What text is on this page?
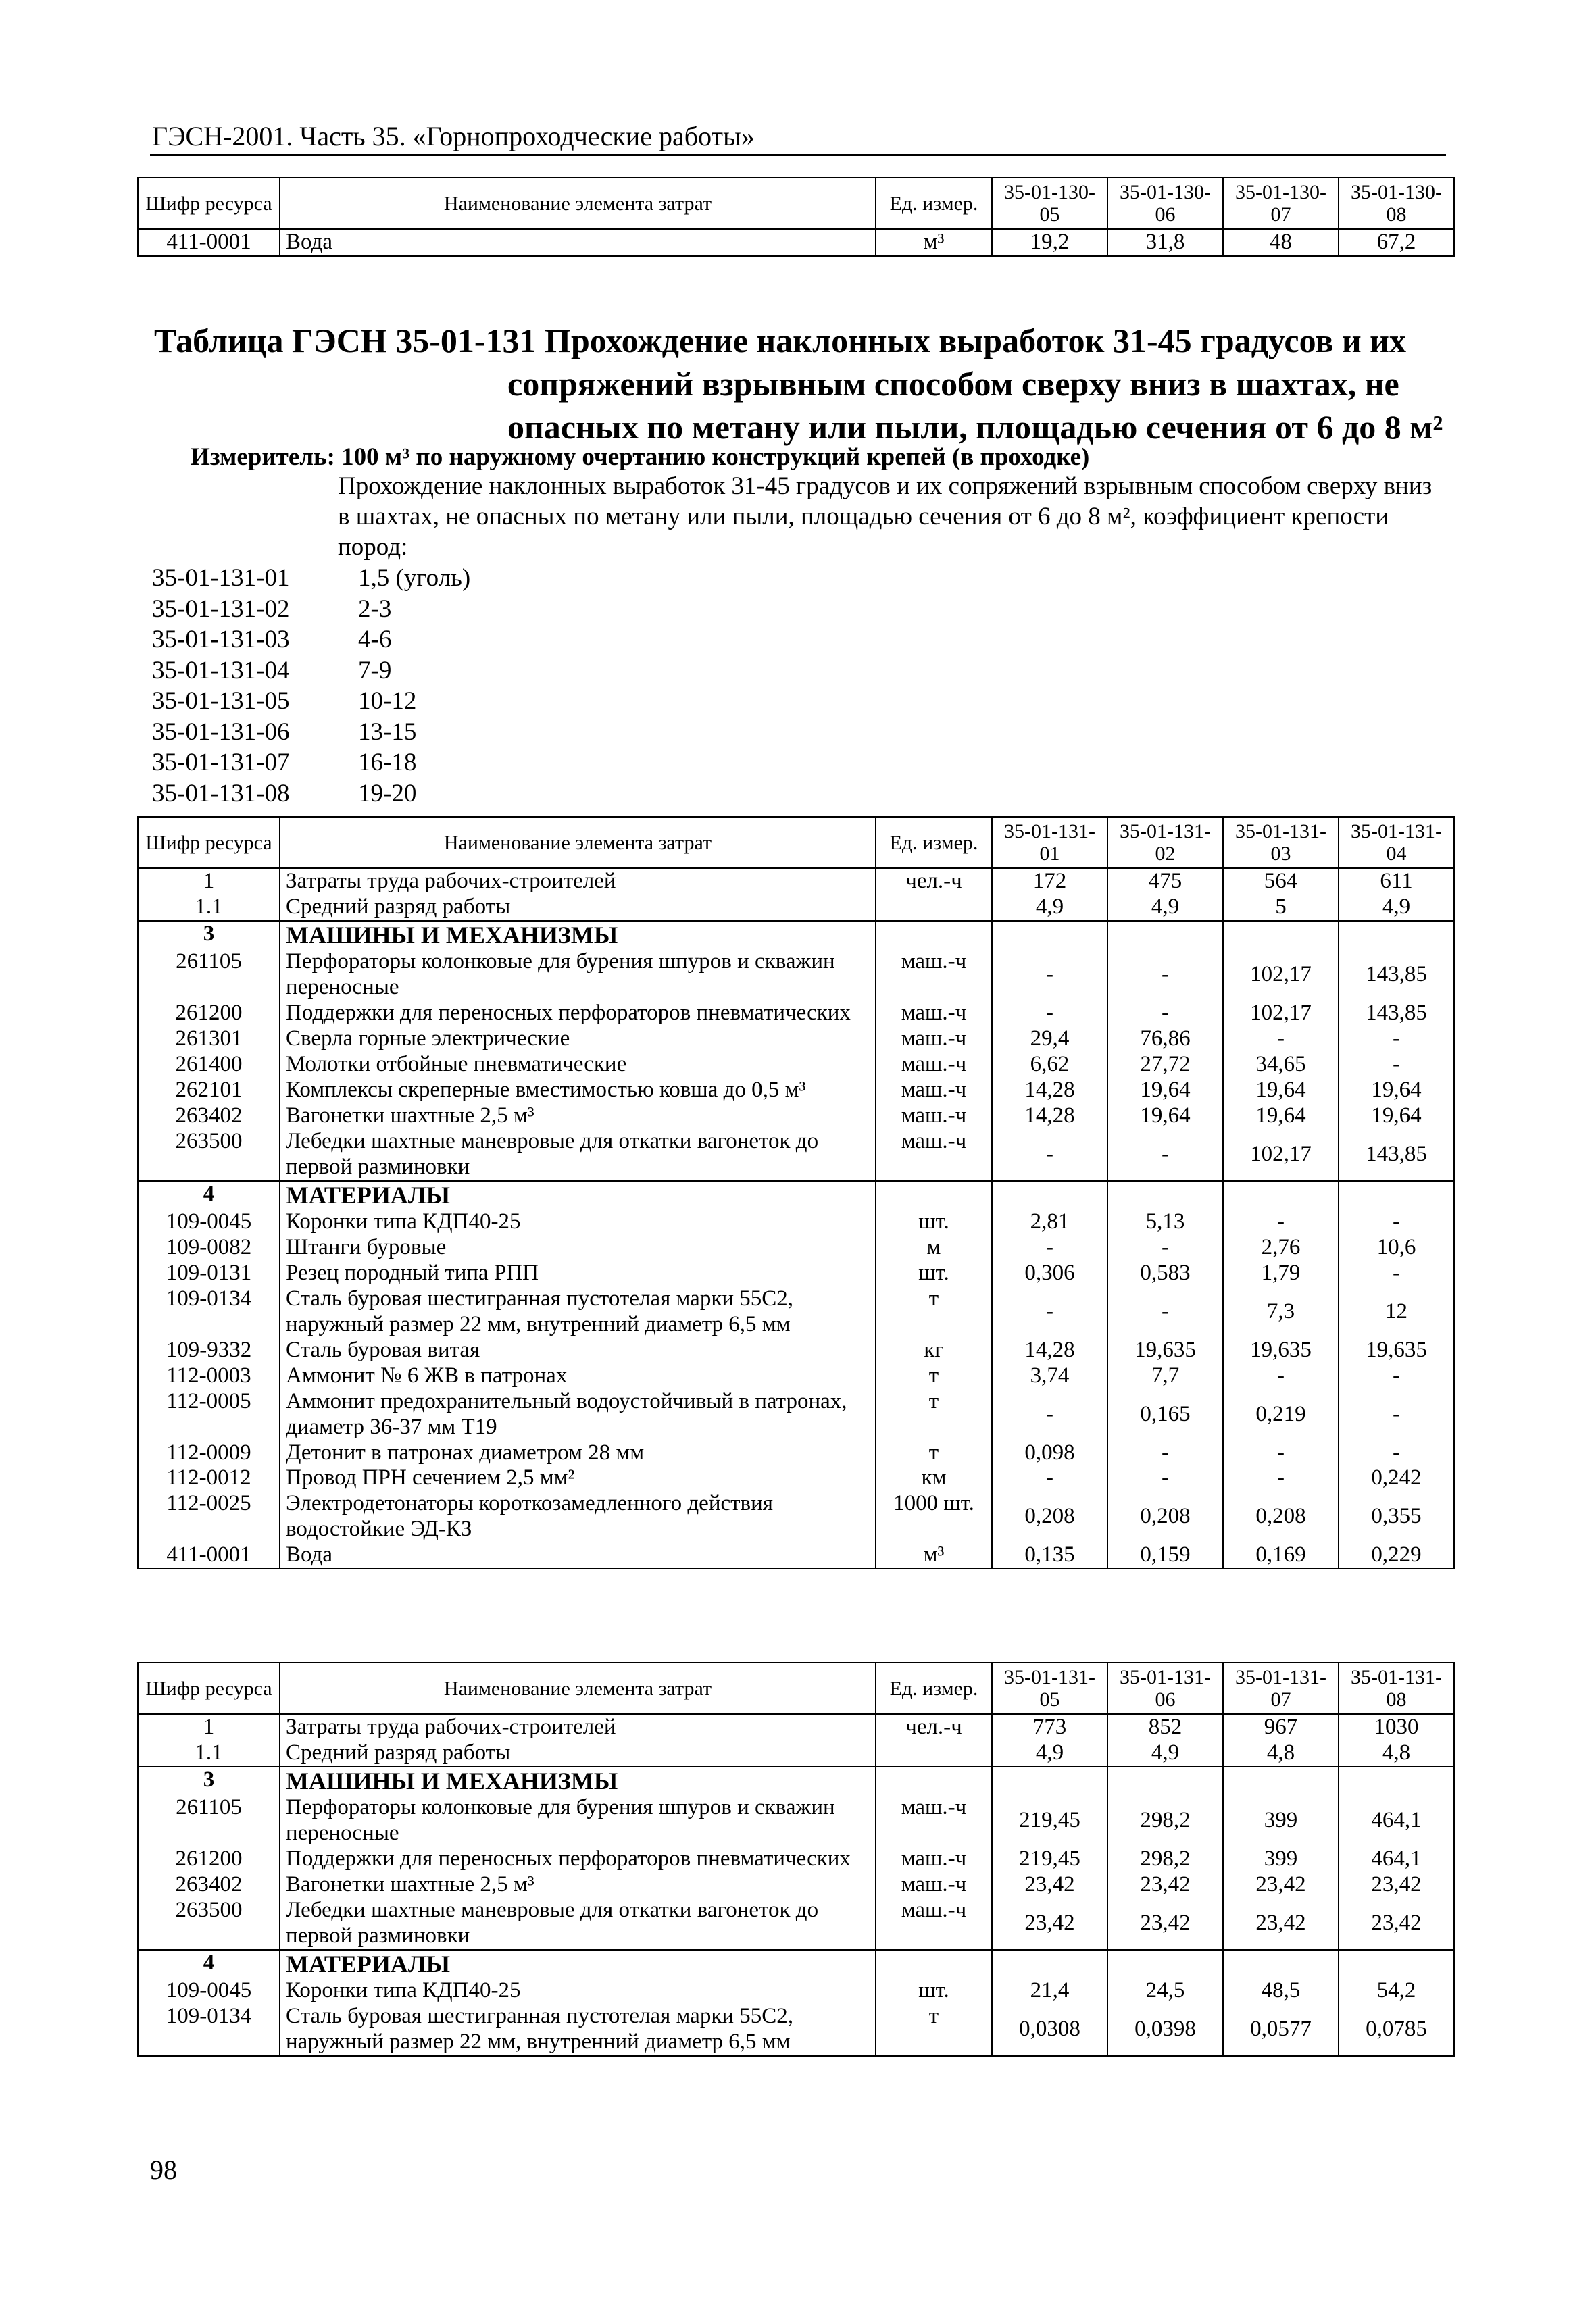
ГЭСН-2001. Часть 35. «Горнопроходческие работы»
Шифр ресурса	Наименование элемента затрат	Ед. измер.	35-01-130-05	35-01-130-06	35-01-130-07	35-01-130-08
411-0001	Вода	м³	19,2	31,8	48	67,2
Таблица ГЭСН 35-01-131 Прохождение наклонных выработок 31-45 градусов и их
сопряжений взрывным способом сверху вниз в шахтах, не
опасных по метану или пыли, площадью сечения от 6 до 8 м²
Измеритель: 100 м³ по наружному очертанию конструкций крепей (в проходке)
Прохождение наклонных выработок 31-45 градусов и их сопряжений взрывным способом сверху вниз в шахтах, не опасных по метану или пыли, площадью сечения от 6 до 8 м², коэффициент крепости пород:
35-01-131-01	1,5 (уголь)
35-01-131-02	2-3
35-01-131-03	4-6
35-01-131-04	7-9
35-01-131-05	10-12
35-01-131-06	13-15
35-01-131-07	16-18
35-01-131-08	19-20
Шифр ресурса	Наименование элемента затрат	Ед. измер.	35-01-131-01	35-01-131-02	35-01-131-03	35-01-131-04
1	Затраты труда рабочих-строителей	чел.-ч	172	475	564	611
1.1	Средний разряд работы		4,9	4,9	5	4,9
3	МАШИНЫ И МЕХАНИЗМЫ					
261105	Перфораторы колонковые для бурения шпуров и скважин переносные	маш.-ч	-	-	102,17	143,85
261200	Поддержки для переносных перфораторов пневматических	маш.-ч	-	-	102,17	143,85
261301	Сверла горные электрические	маш.-ч	29,4	76,86	-	-
261400	Молотки отбойные пневматические	маш.-ч	6,62	27,72	34,65	-
262101	Комплексы скреперные вместимостью ковша до 0,5 м³	маш.-ч	14,28	19,64	19,64	19,64
263402	Вагонетки шахтные 2,5 м³	маш.-ч	14,28	19,64	19,64	19,64
263500	Лебедки шахтные маневровые для откатки вагонеток до первой разминовки	маш.-ч	-	-	102,17	143,85
4	МАТЕРИАЛЫ					
109-0045	Коронки типа КДП40-25	шт.	2,81	5,13	-	-
109-0082	Штанги буровые	м	-	-	2,76	10,6
109-0131	Резец породный типа РПП	шт.	0,306	0,583	1,79	-
109-0134	Сталь буровая шестигранная пустотелая марки 55С2, наружный размер 22 мм, внутренний диаметр 6,5 мм	т	-	-	7,3	12
109-9332	Сталь буровая витая	кг	14,28	19,635	19,635	19,635
112-0003	Аммонит № 6 ЖВ в патронах	т	3,74	7,7	-	-
112-0005	Аммонит предохранительный водоустойчивый в патронах, диаметр 36-37 мм Т19	т	-	0,165	0,219	-
112-0009	Детонит в патронах диаметром 28 мм	т	0,098	-	-	-
112-0012	Провод ПРН сечением 2,5 мм²	км	-	-	-	0,242
112-0025	Электродетонаторы короткозамедленного действия водостойкие ЭД-КЗ	1000 шт.	0,208	0,208	0,208	0,355
411-0001	Вода	м³	0,135	0,159	0,169	0,229
Шифр ресурса	Наименование элемента затрат	Ед. измер.	35-01-131-05	35-01-131-06	35-01-131-07	35-01-131-08
1	Затраты труда рабочих-строителей	чел.-ч	773	852	967	1030
1.1	Средний разряд работы		4,9	4,9	4,8	4,8
3	МАШИНЫ И МЕХАНИЗМЫ					
261105	Перфораторы колонковые для бурения шпуров и скважин переносные	маш.-ч	219,45	298,2	399	464,1
261200	Поддержки для переносных перфораторов пневматических	маш.-ч	219,45	298,2	399	464,1
263402	Вагонетки шахтные 2,5 м³	маш.-ч	23,42	23,42	23,42	23,42
263500	Лебедки шахтные маневровые для откатки вагонеток до первой разминовки	маш.-ч	23,42	23,42	23,42	23,42
4	МАТЕРИАЛЫ					
109-0045	Коронки типа КДП40-25	шт.	21,4	24,5	48,5	54,2
109-0134	Сталь буровая шестигранная пустотелая марки 55С2, наружный размер 22 мм, внутренний диаметр 6,5 мм	т	0,0308	0,0398	0,0577	0,0785
98
